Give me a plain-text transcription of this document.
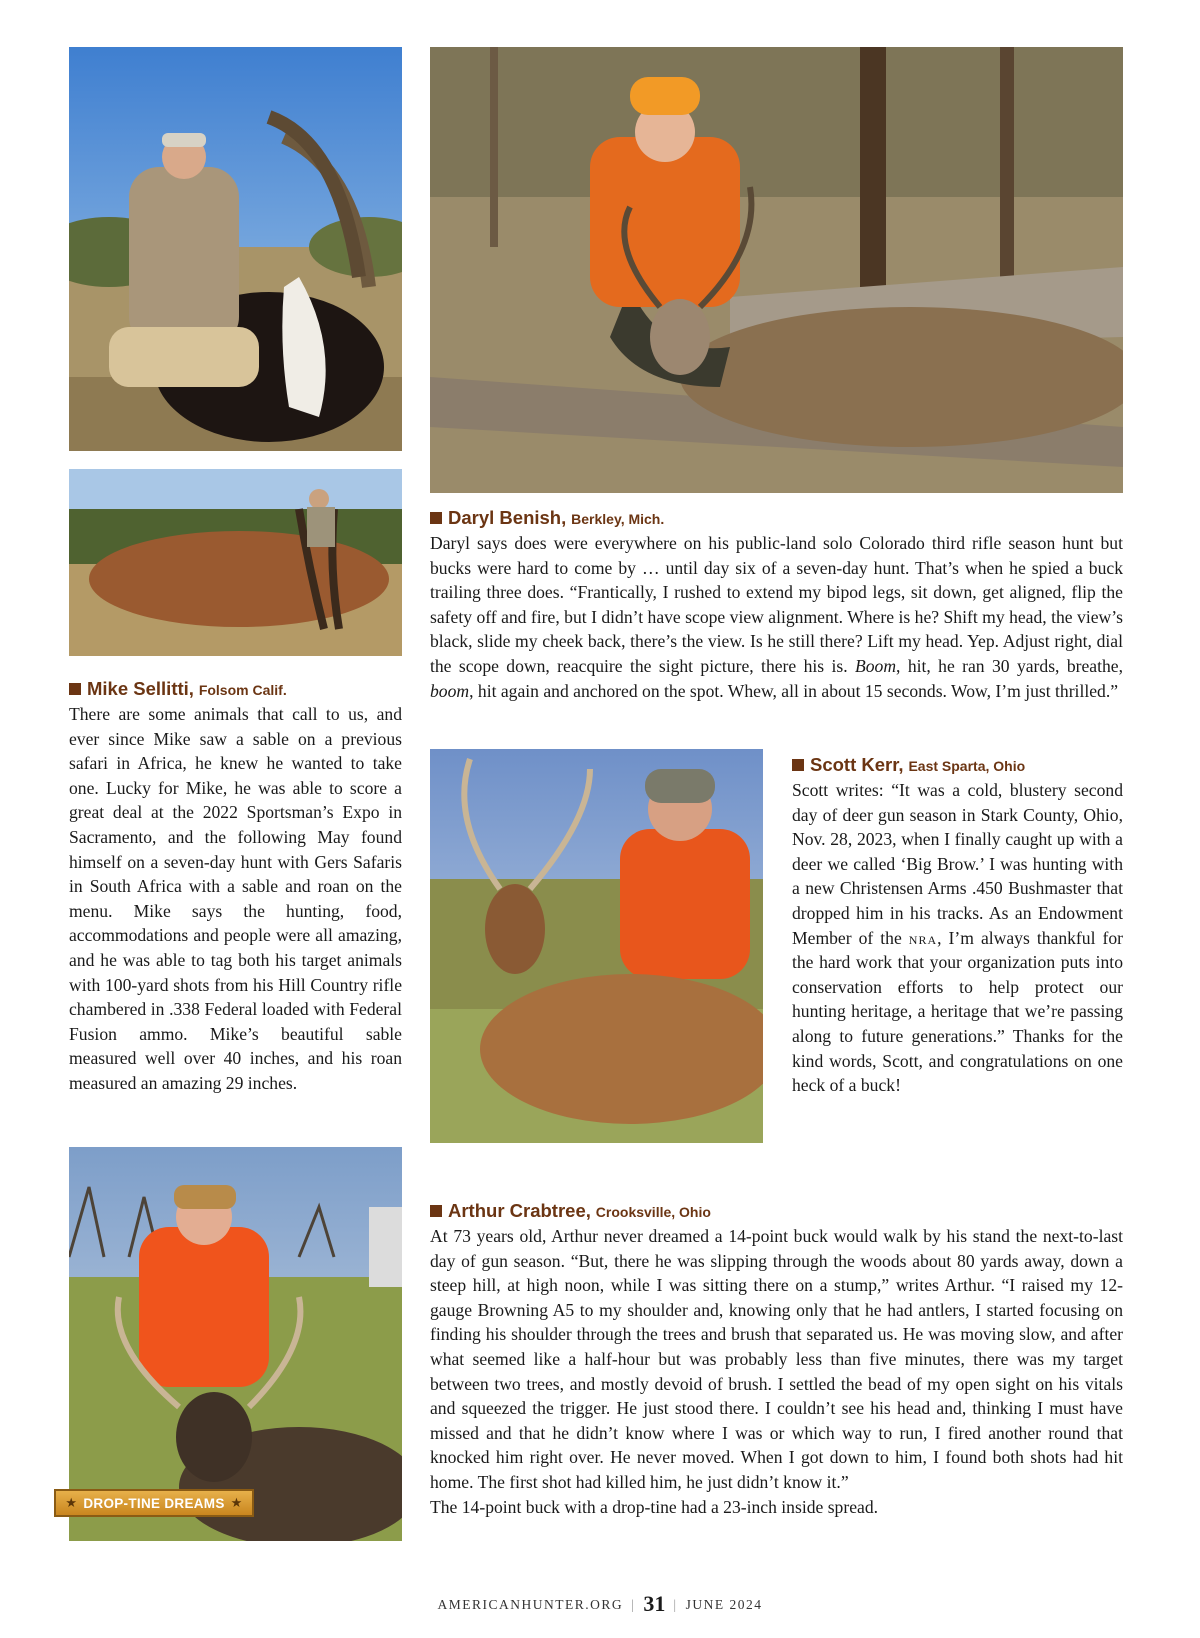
Daryl Benish, Berkley, Mich.

Daryl says does were everywhere on his public-land solo Colorado third rifle season hunt but bucks were hard to come by … until day six of a seven-day hunt. That’s when he spied a buck trailing three does. “Frantically, I rushed to extend my bipod legs, sit down, get aligned, flip the safety off and fire, but I didn’t have scope view alignment. Where is he? Shift my head, the view’s black, slide my cheek back, there’s the view. Is he still there? Lift my head. Yep. Adjust right, dial the scope down, reacquire the sight picture, there his is. Boom, hit, he ran 30 yards, breathe, boom, hit again and anchored on the spot. Whew, all in about 15 seconds. Wow, I’m just thrilled.”

Mike Sellitti, Folsom Calif.

There are some animals that call to us, and ever since Mike saw a sable on a previous safari in Africa, he knew he wanted to take one. Lucky for Mike, he was able to score a great deal at the 2022 Sportsman’s Expo in Sacramento, and the following May found himself on a seven-day hunt with Gers Safaris in South Africa with a sable and roan on the menu. Mike says the hunting, food, accommodations and people were all amazing, and he was able to tag both his target animals with 100-yard shots from his Hill Country rifle chambered in .338 Federal loaded with Federal Fusion ammo. Mike’s beautiful sable measured well over 40 inches, and his roan measured an amazing 29 inches.

Scott Kerr, East Sparta, Ohio

Scott writes: “It was a cold, blustery second day of deer gun season in Stark County, Ohio, Nov. 28, 2023, when I finally caught up with a deer we called ‘Big Brow.’ I was hunting with a new Christensen Arms .450 Bushmaster that dropped him in his tracks. As an Endowment Member of the nra, I’m always thankful for the hard work that your organization puts into conservation efforts to help protect our hunting heritage, a heritage that we’re passing along to future generations.” Thanks for the kind words, Scott, and congratulations on one heck of a buck!

★ DROP-TINE DREAMS ★
Arthur Crabtree, Crooksville, Ohio

At 73 years old, Arthur never dreamed a 14-point buck would walk by his stand the next-to-last day of gun season. “But, there he was slipping through the woods about 80 yards away, down a steep hill, at high noon, while I was sitting there on a stump,” writes Arthur. “I raised my 12-gauge Browning A5 to my shoulder and, knowing only that he had antlers, I started focusing on finding his shoulder through the trees and brush that separated us. He was moving slow, and after what seemed like a half-hour but was probably less than five minutes, there was my target between two trees, and mostly devoid of brush. I settled the bead of my open sight on his vitals and squeezed the trigger. He just stood there. I couldn’t see his head and, thinking I must have missed and that he didn’t know where I was or which way to run, I fired another round that knocked him right over. He never moved. When I got down to him, I found both shots had hit home. The first shot had killed him, he just didn’t know it.”

The 14-point buck with a drop-tine had a 23-inch inside spread.

AMERICANHUNTER.ORG | 31 | JUNE 2024
